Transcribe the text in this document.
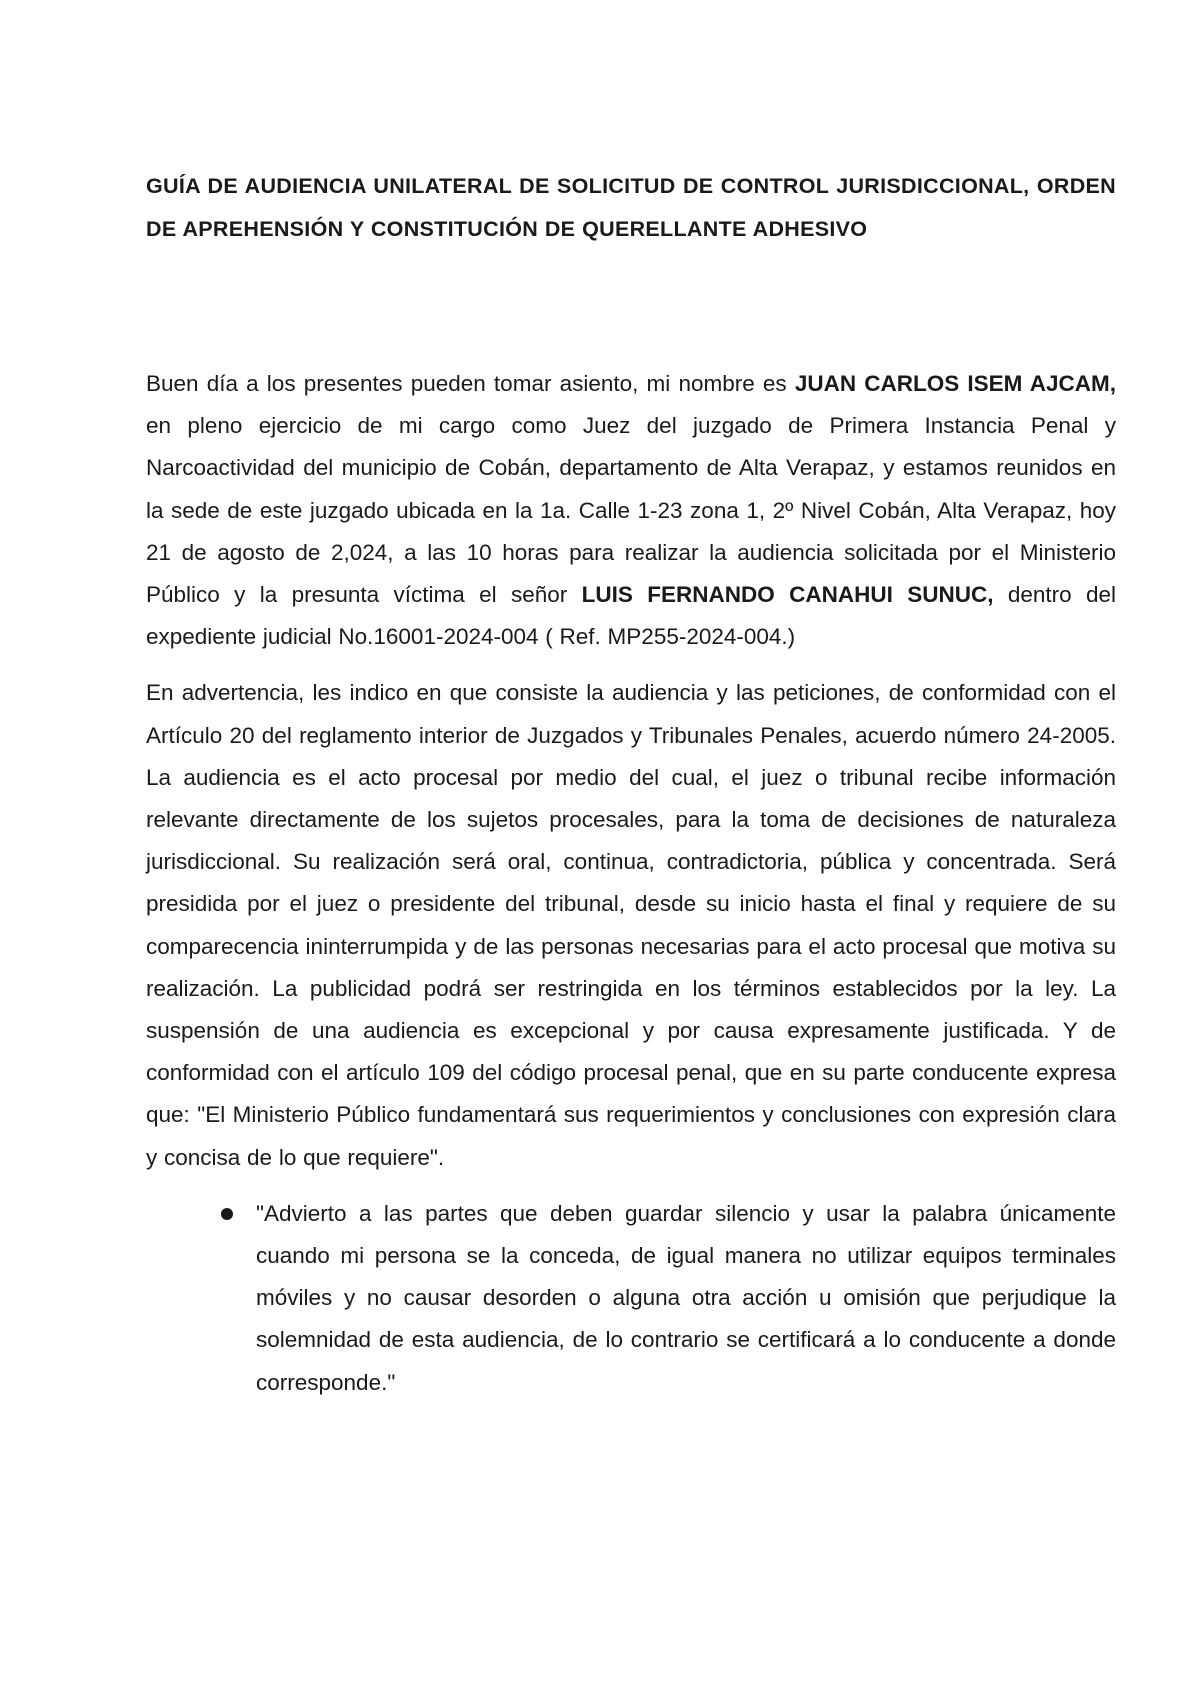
GUÍA DE AUDIENCIA UNILATERAL DE SOLICITUD DE CONTROL JURISDICCIONAL, ORDEN DE APREHENSIÓN Y CONSTITUCIÓN DE QUERELLANTE ADHESIVO

Buen día a los presentes pueden tomar asiento, mi nombre es JUAN CARLOS ISEM AJCAM, en pleno ejercicio de mi cargo como Juez del juzgado de Primera Instancia Penal y Narcoactividad del municipio de Cobán, departamento de Alta Verapaz, y estamos reunidos en la sede de este juzgado ubicada en la 1a. Calle 1-23 zona 1, 2º Nivel Cobán, Alta Verapaz, hoy 21 de agosto de 2,024, a las 10 horas para realizar la audiencia solicitada por el Ministerio Público y la presunta víctima el señor LUIS FERNANDO CANAHUI SUNUC, dentro del expediente judicial No.16001-2024-004 ( Ref. MP255-2024-004.)

En advertencia, les indico en que consiste la audiencia y las peticiones, de conformidad con el Artículo 20 del reglamento interior de Juzgados y Tribunales Penales, acuerdo número 24-2005. La audiencia es el acto procesal por medio del cual, el juez o tribunal recibe información relevante directamente de los sujetos procesales, para la toma de decisiones de naturaleza jurisdiccional. Su realización será oral, continua, contradictoria, pública y concentrada. Será presidida por el juez o presidente del tribunal, desde su inicio hasta el final y requiere de su comparecencia ininterrumpida y de las personas necesarias para el acto procesal que motiva su realización. La publicidad podrá ser restringida en los términos establecidos por la ley. La suspensión de una audiencia es excepcional y por causa expresamente justificada. Y de conformidad con el artículo 109 del código procesal penal, que en su parte conducente expresa que: "El Ministerio Público fundamentará sus requerimientos y conclusiones con expresión clara y concisa de lo que requiere".

"Advierto a las partes que deben guardar silencio y usar la palabra únicamente cuando mi persona se la conceda, de igual manera no utilizar equipos terminales móviles y no causar desorden o alguna otra acción u omisión que perjudique la solemnidad de esta audiencia, de lo contrario se certificará a lo conducente a donde corresponde."
